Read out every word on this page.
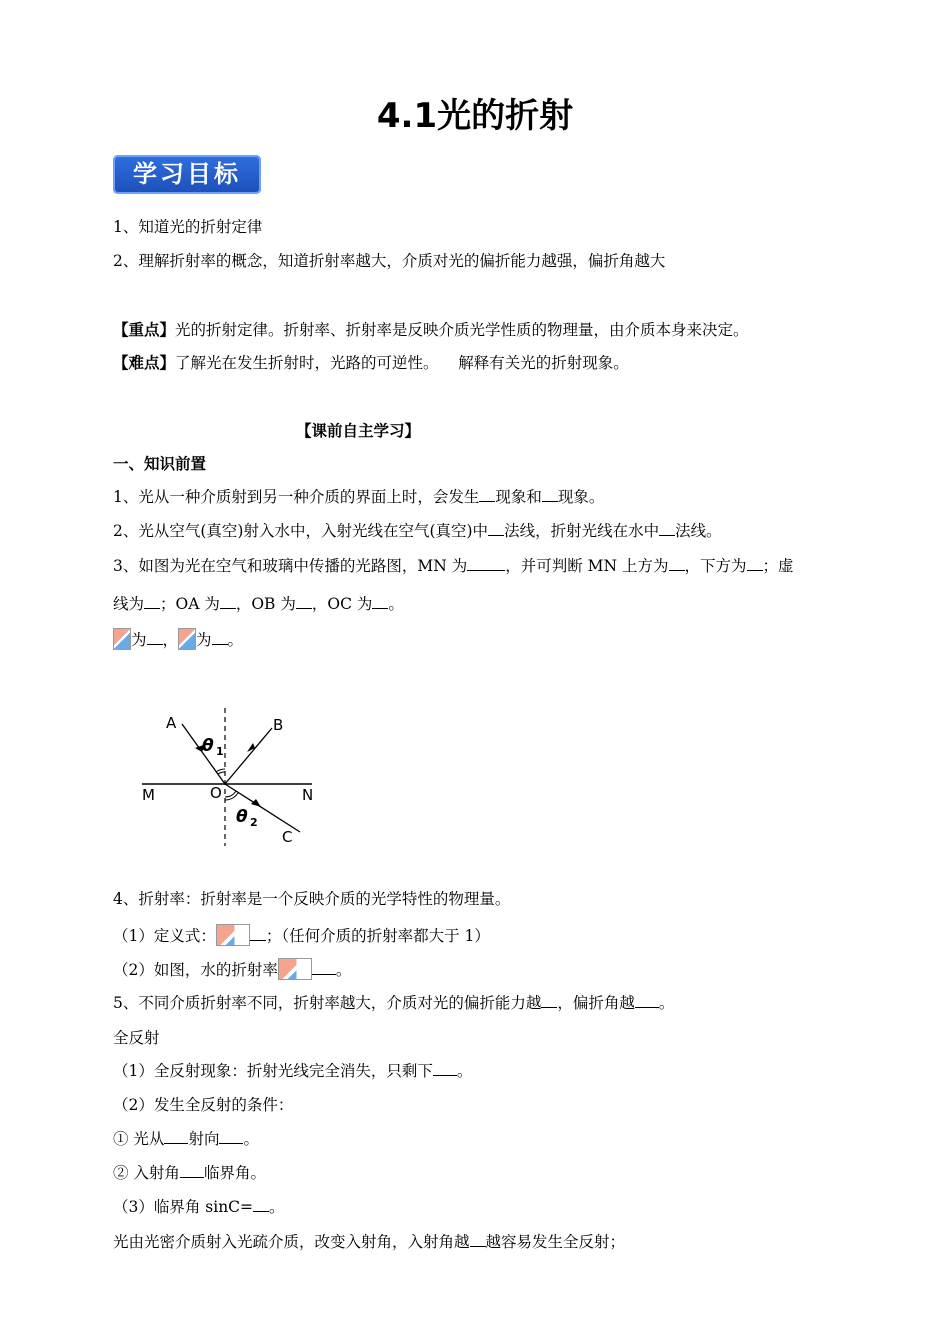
4.1光的折射
学习目标
1、知道光的折射定律
2、理解折射率的概念，知道折射率越大，介质对光的偏折能力越强，偏折角越大
【重点】光的折射定律。折射率、折射率是反映介质光学性质的物理量，由介质本身来决定。
【难点】了解光在发生折射时，光路的可逆性。    解释有关光的折射现象。
【课前自主学习】
一、知识前置
1、光从一种介质射到另一种介质的界面上时，会发生 现象和 现象。
2、光从空气(真空)射入水中，入射光线在空气(真空)中 法线，折射光线在水中 法线。
3、如图为光在空气和玻璃中传播的光路图，MN 为 ，并可判断 MN 上方为 ，下方为 ；虚
线为 ；OA 为 ，OB 为 ，OC 为 。
为 ， 为 。
A	B
C
M	N
O
θ 1
θ 2
4、折射率：折射率是一个反映介质的光学特性的物理量。
（1）定义式：	；（任何介质的折射率都大于 1）
（2）如图，水的折射率	。
5、不同介质折射率不同，折射率越大，介质对光的偏折能力越 ，偏折角越 。
全反射
（1）全反射现象：折射光线完全消失，只剩下 。
（2）发生全反射的条件：
① 光从 射向 。
② 入射角 临界角。
（3）临界角 sinC= 。
光由光密介质射入光疏介质，改变入射角，入射角越 越容易发生全反射；
